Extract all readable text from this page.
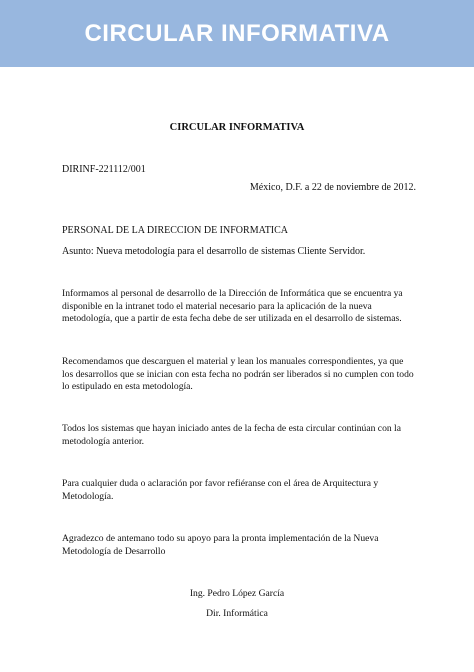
CIRCULAR INFORMATIVA
CIRCULAR INFORMATIVA
DIRINF-221112/001
México, D.F. a 22 de noviembre de 2012.
PERSONAL DE LA DIRECCION DE INFORMATICA
Asunto: Nueva metodología para el desarrollo de sistemas Cliente Servidor.

Informamos al personal de desarrollo de la Dirección de Informática que se encuentra ya disponible en la intranet todo el material necesario para la aplicación de la nueva metodología, que a partir de esta fecha debe de ser utilizada en el desarrollo de sistemas.

Recomendamos que descarguen el material y lean los manuales correspondientes, ya que los desarrollos que se inician con esta fecha no podrán ser liberados si no cumplen con todo lo estipulado en esta metodología.

Todos los sistemas que hayan iniciado antes de la fecha de esta circular continúan con la metodología anterior.

Para cualquier duda o aclaración por favor refiéranse con el área de Arquitectura y Metodología.

Agradezco de antemano todo su apoyo para la pronta implementación de la Nueva Metodología de Desarrollo

Ing. Pedro López García
Dir. Informática
